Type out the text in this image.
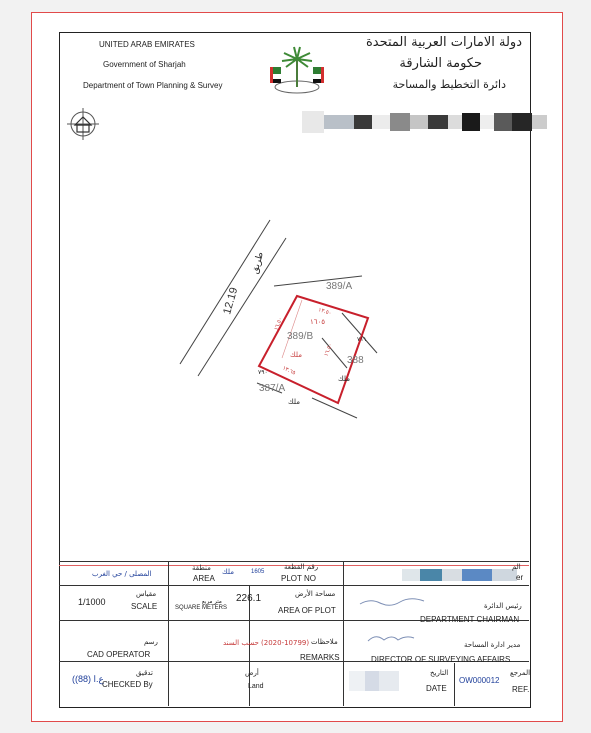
UNITED ARAB EMIRATES
Government of Sharjah
Department of Town Planning & Survey
دولة الامارات العربية المتحدة
حكومة الشارقة
دائرة التخطيط والمساحة
12.19
طريق
389/A
389/B
387/A
388
١٦٠٥
ملك
١٣.٥٠
١٦.٥٠
١٣.٦٥
١٦.٥٠
٧١١
٧٩٠
ملك
ملك
المصلى / حي الغرب
منطقة
AREA
ملك	1605
رقم القطعة
PLOT NO
الم
er
1/1000
مقياس
SCALE
226.1
متر مربع
SQUARE METERS
مساحة الأرض
AREA OF PLOT	رئيس الدائرة
DEPARTMENT CHAIRMAN
رسم
CAD OPERATOR
(2020-10799) حسب السند ملاحظات
REMARKS
مدير ادارة المساحة
DIRECTOR OF SURVEYING AFFAIRS
((88) ع.ا
تدقيق
CHECKED By
أرض
Land
التاريخ
DATE
OW000012
المرجع
REF.
